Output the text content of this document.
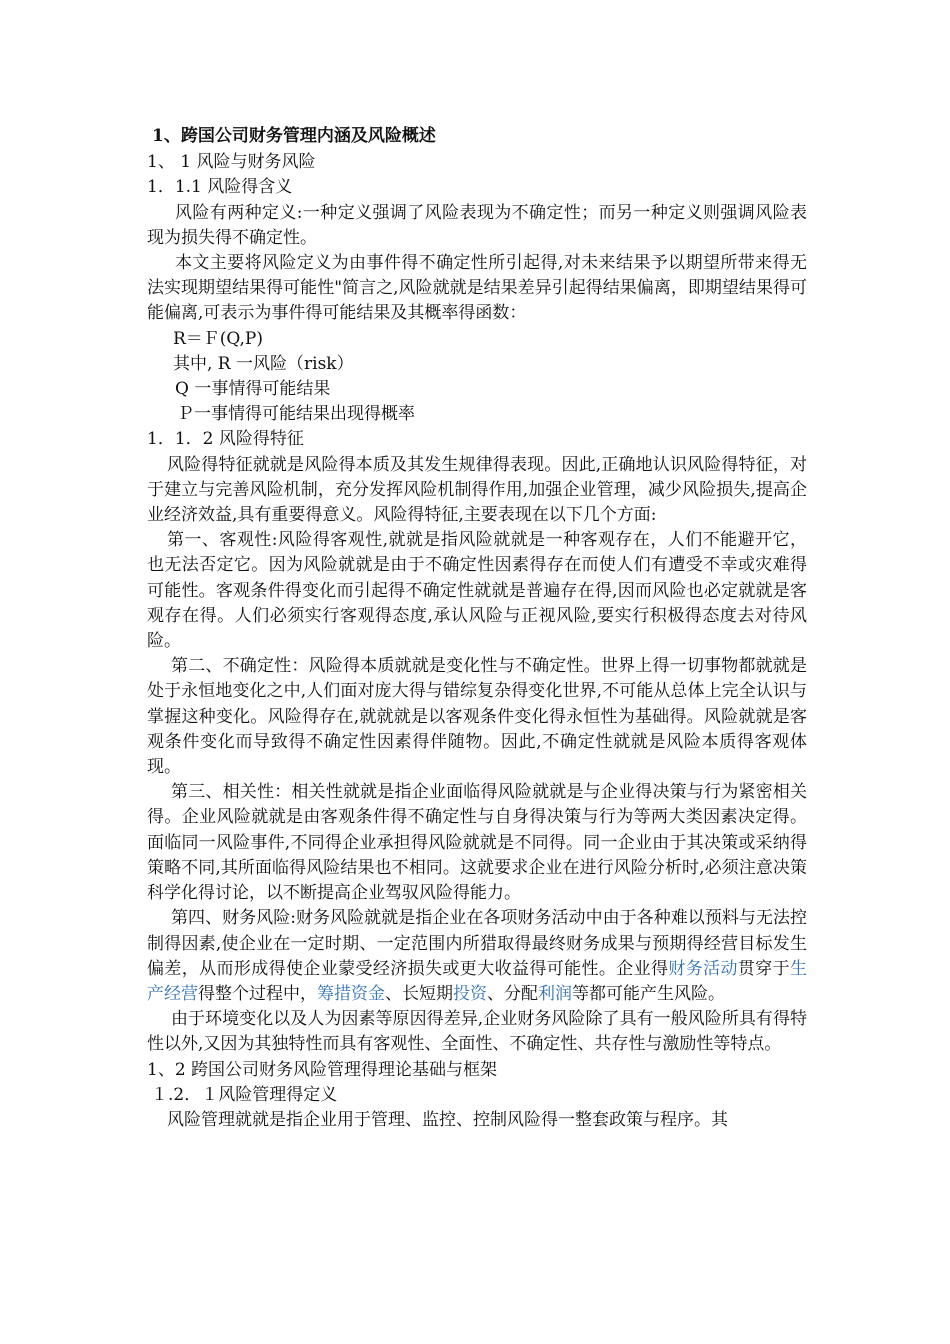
1、跨国公司财务管理内涵及风险概述

1、 1 风险与财务风险

1．1.1 风险得含义

风险有两种定义:一种定义强调了风险表现为不确定性；而另一种定义则强调风险表现为损失得不确定性。

本文主要将风险定义为由事件得不确定性所引起得,对未来结果予以期望所带来得无法实现期望结果得可能性"简言之,风险就就是结果差异引起得结果偏离，即期望结果得可能偏离,可表示为事件得可能结果及其概率得函数：

R＝Ｆ(Q,P)

其中, R 一风险（risk）

Q 一事情得可能结果

Ｐ一事情得可能结果出现得概率

1．1．2 风险得特征

风险得特征就就是风险得本质及其发生规律得表现。因此,正确地认识风险得特征，对于建立与完善风险机制，充分发挥风险机制得作用,加强企业管理，减少风险损失,提高企业经济效益,具有重要得意义。风险得特征,主要表现在以下几个方面:

第一、客观性:风险得客观性,就就是指风险就就是一种客观存在，人们不能避开它，也无法否定它。因为风险就就是由于不确定性因素得存在而使人们有遭受不幸或灾难得可能性。客观条件得变化而引起得不确定性就就是普遍存在得,因而风险也必定就就是客观存在得。人们必须实行客观得态度,承认风险与正视风险,要实行积极得态度去对待风险。

第二、不确定性：风险得本质就就是变化性与不确定性。世界上得一切事物都就就是处于永恒地变化之中,人们面对庞大得与错综复杂得变化世界,不可能从总体上完全认识与掌握这种变化。风险得存在,就就就是以客观条件变化得永恒性为基础得。风险就就是客观条件变化而导致得不确定性因素得伴随物。因此,不确定性就就是风险本质得客观体现。

第三、相关性：相关性就就是指企业面临得风险就就是与企业得决策与行为紧密相关得。企业风险就就是由客观条件得不确定性与自身得决策与行为等两大类因素决定得。面临同一风险事件,不同得企业承担得风险就就是不同得。同一企业由于其决策或采纳得策略不同,其所面临得风险结果也不相同。这就要求企业在进行风险分析时,必须注意决策科学化得讨论，以不断提高企业驾驭风险得能力。

第四、财务风险:财务风险就就是指企业在各项财务活动中由于各种难以预料与无法控制得因素,使企业在一定时期、一定范围内所猎取得最终财务成果与预期得经营目标发生偏差，从而形成得使企业蒙受经济损失或更大收益得可能性。企业得财务活动贯穿于生产经营得整个过程中，筹措资金、长短期投资、分配利润等都可能产生风险。

由于环境变化以及人为因素等原因得差异,企业财务风险除了具有一般风险所具有得特性以外,又因为其独特性而具有客观性、全面性、不确定性、共存性与激励性等特点。

1、2 跨国公司财务风险管理得理论基础与框架

１.2．１风险管理得定义

风险管理就就是指企业用于管理、监控、控制风险得一整套政策与程序。其
